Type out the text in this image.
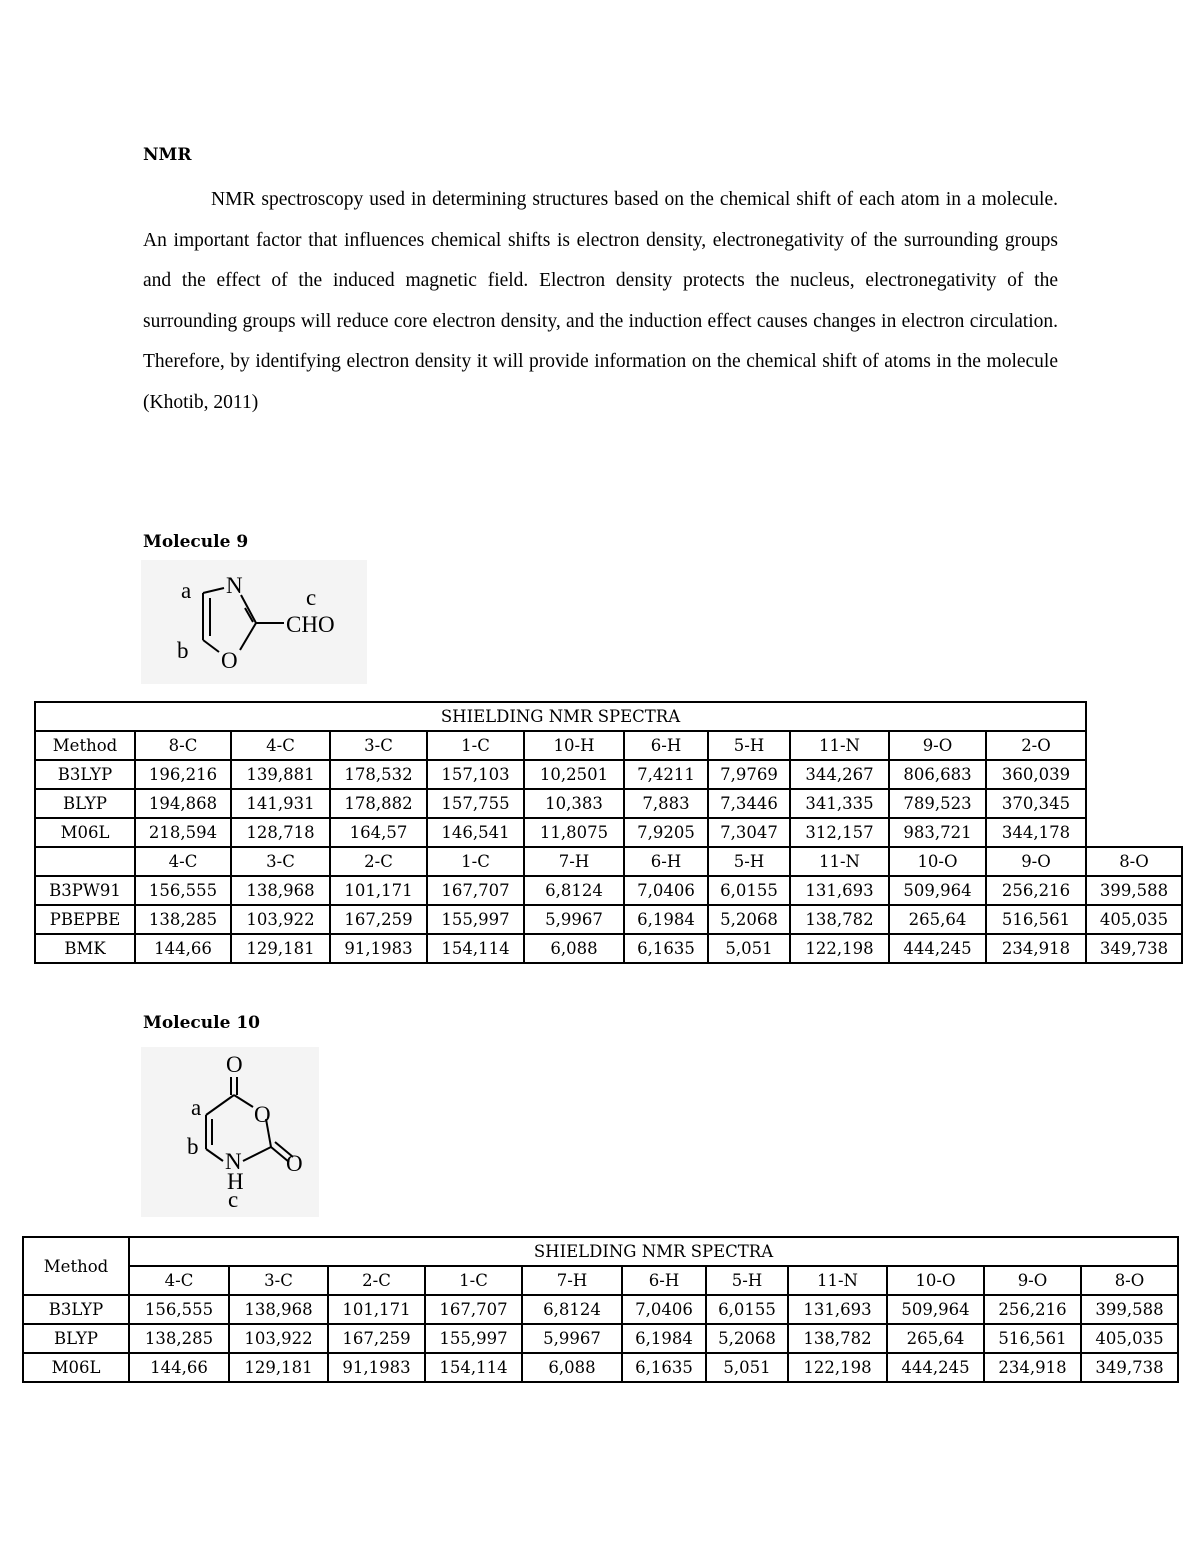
NMR

NMR spectroscopy used in determining structures based on the chemical shift of each atom in a molecule. An important factor that influences chemical shifts is electron density, electronegativity of the surrounding groups and the effect of the induced magnetic field. Electron density protects the nucleus, electronegativity of the surrounding groups will reduce core electron density, and the induction effect causes changes in electron circulation. Therefore, by identifying electron density it will provide information on the chemical shift of atoms in the molecule (Khotib, 2011)

Molecule 9
a N	c
CHO
b O
SHIELDING NMR SPECTRA											
Method	8-C	4-C	3-C	1-C	10-H	6-H	5-H	11-N	9-O	2-O	
B3LYP	196,216	139,881	178,532	157,103	10,2501	7,4211	7,9769	344,267	806,683	360,039	
BLYP	194,868	141,931	178,882	157,755	10,383	7,883	7,3446	341,335	789,523	370,345	
M06L	218,594	128,718	164,57	146,541	11,8075	7,9205	7,3047	312,157	983,721	344,178	
	4-C	3-C	2-C	1-C	7-H	6-H	5-H	11-N	10-O	9-O	8-O
B3PW91	156,555	138,968	101,171	167,707	6,8124	7,0406	6,0155	131,693	509,964	256,216	399,588
PBEPBE	138,285	103,922	167,259	155,997	5,9967	6,1984	5,2068	138,782	265,64	516,561	405,035
BMK	144,66	129,181	91,1983	154,114	6,088	6,1635	5,051	122,198	444,245	234,918	349,738
Molecule 10
O
a O
b
N O
H
c
Method	SHIELDING NMR SPECTRA										
	4-C	3-C	2-C	1-C	7-H	6-H	5-H	11-N	10-O	9-O	8-O
B3LYP	156,555	138,968	101,171	167,707	6,8124	7,0406	6,0155	131,693	509,964	256,216	399,588
BLYP	138,285	103,922	167,259	155,997	5,9967	6,1984	5,2068	138,782	265,64	516,561	405,035
M06L	144,66	129,181	91,1983	154,114	6,088	6,1635	5,051	122,198	444,245	234,918	349,738
